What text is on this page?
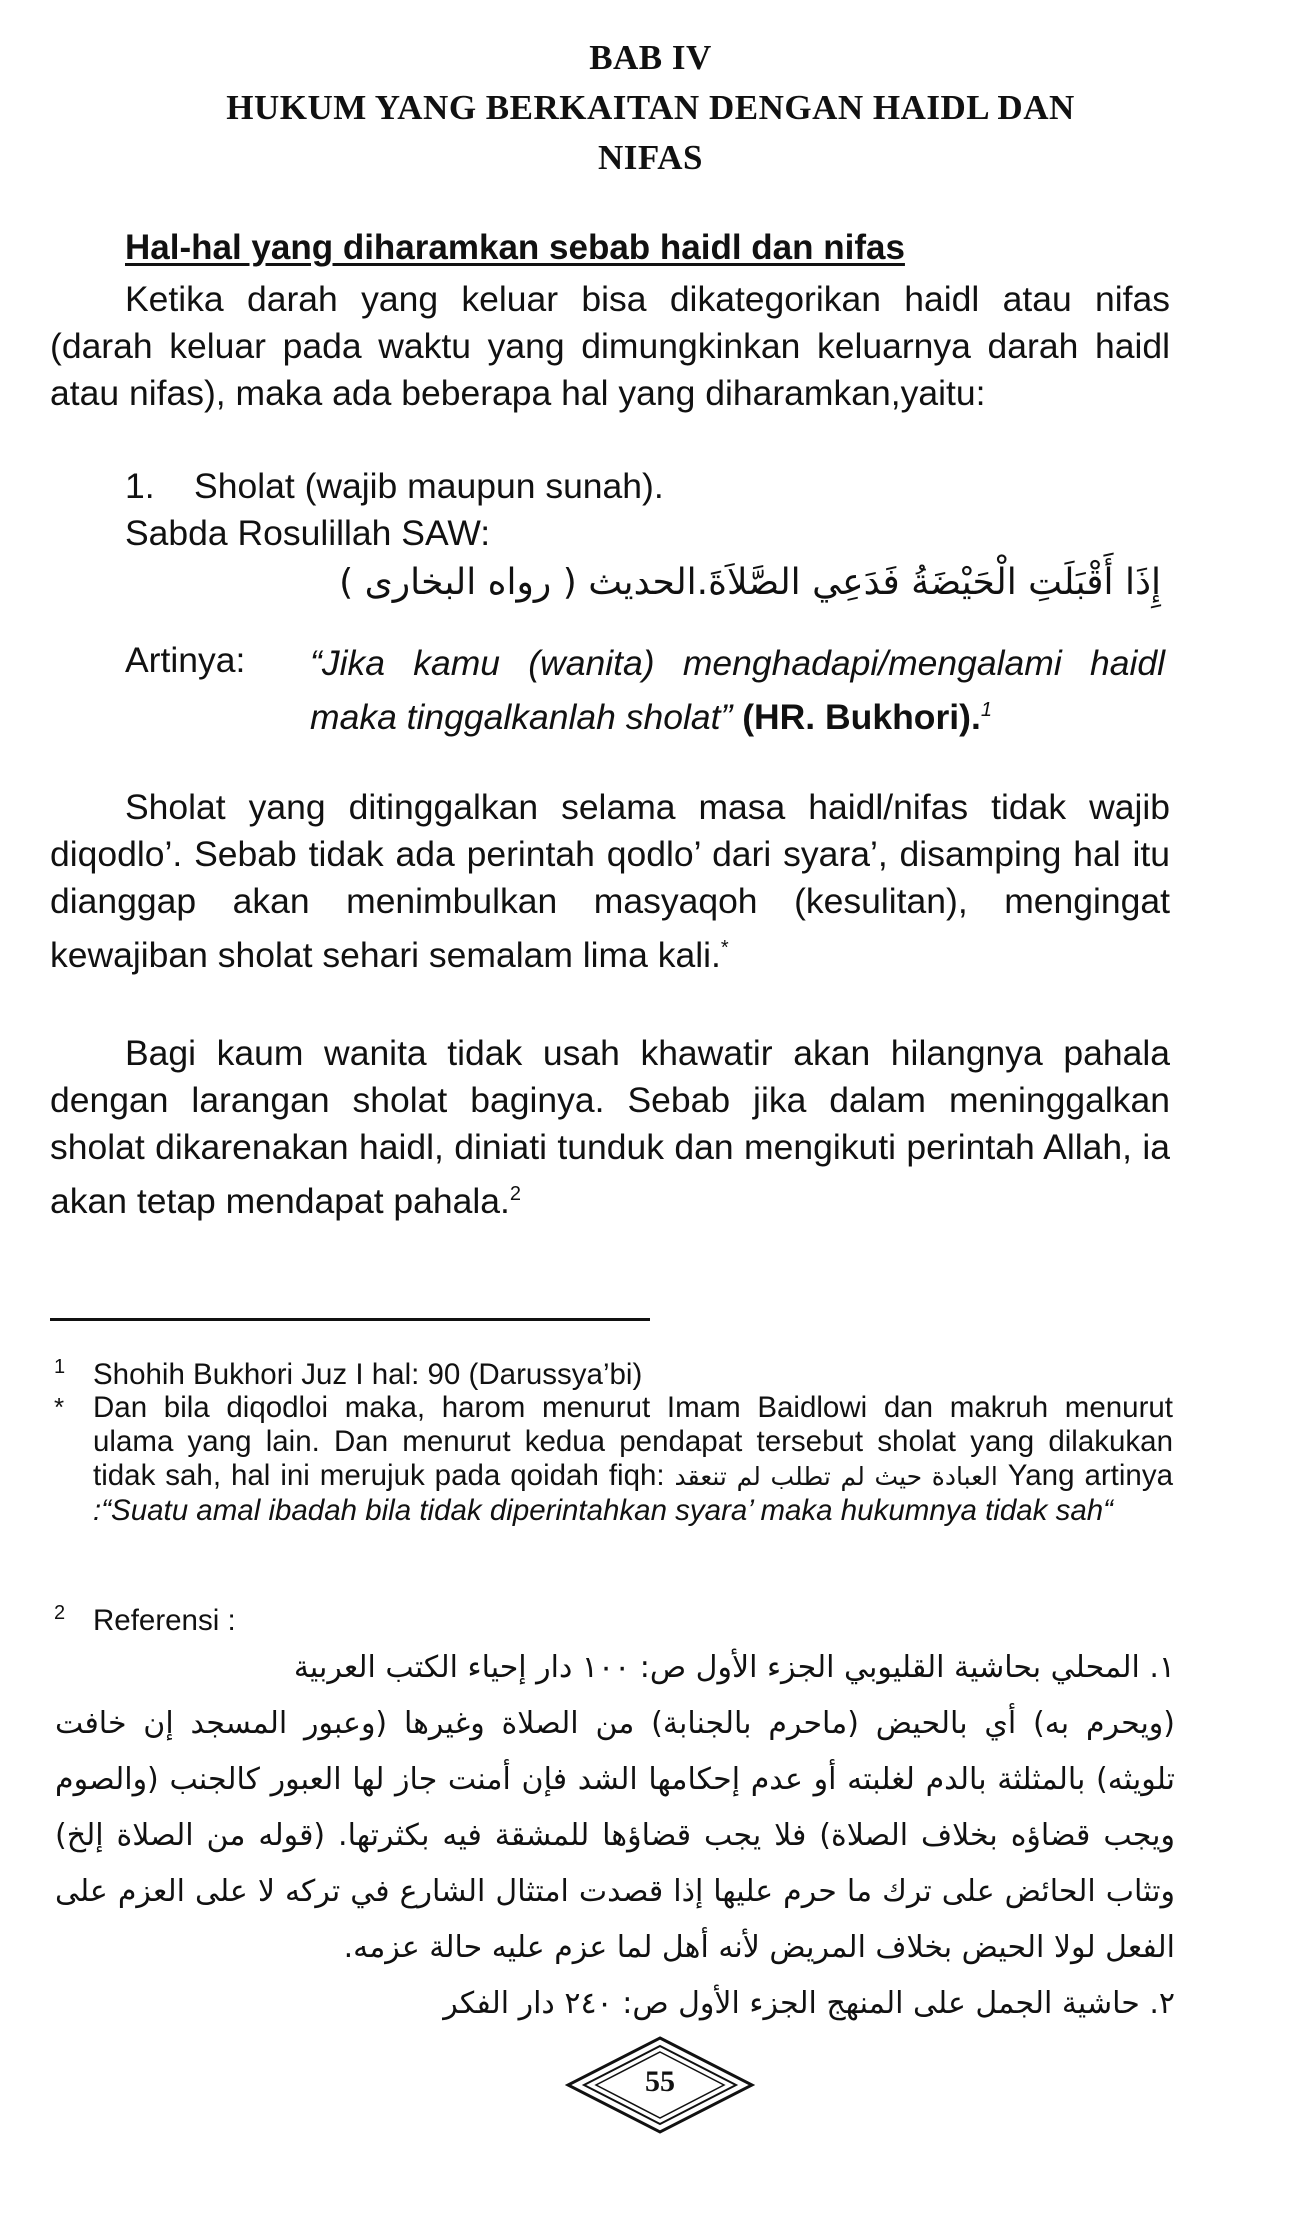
BAB IV
HUKUM YANG BERKAITAN DENGAN HAIDL DAN
NIFAS
Hal-hal yang diharamkan sebab haidl dan nifas
Ketika darah yang keluar bisa dikategorikan haidl atau nifas (darah keluar pada waktu yang dimungkinkan keluarnya darah haidl atau nifas), maka ada beberapa hal yang diharamkan,yaitu:
1.    Sholat (wajib maupun sunah).
Sabda Rosulillah SAW:
إِذَا أَقْبَلَتِ الْحَيْضَةُ فَدَعِي الصَّلاَةَ.الحديث ( رواه البخارى )
Artinya: “Jika kamu (wanita) menghadapi/mengalami haidl maka tinggalkanlah sholat” (HR. Bukhori).$^1$
Sholat yang ditinggalkan selama masa haidl/nifas tidak wajib diqodlo’. Sebab tidak ada perintah qodlo’ dari syara’, disamping hal itu dianggap akan menimbulkan masyaqoh (kesulitan), mengingat kewajiban sholat sehari semalam lima kali.*
Bagi kaum wanita tidak usah khawatir akan hilangnya pahala dengan larangan sholat baginya. Sebab jika dalam meninggalkan sholat dikarenakan haidl, diniati tunduk dan mengikuti perintah Allah, ia akan tetap mendapat pahala.$^2$
1 Shohih Bukhori Juz I hal: 90 (Darussya’bi)
* Dan bila diqodloi maka, harom menurut Imam Baidlowi dan makruh menurut ulama yang lain. Dan menurut kedua pendapat tersebut sholat yang dilakukan tidak sah, hal ini merujuk pada qoidah fiqh: العبادة حيث لم تطلب لم تنعقد Yang artinya :“Suatu amal ibadah bila tidak diperintahkan syara’ maka hukumnya tidak sah“
2 Referensi :
١. المحلي بحاشية القليوبي الجزء الأول ص: ١٠٠ دار إحياء الكتب العربية
(ويحرم به) أي بالحيض (ماحرم بالجنابة) من الصلاة وغيرها (وعبور المسجد إن خافت تلويثه) بالمثلثة بالدم لغلبته أو عدم إحكامها الشد فإن أمنت جاز لها العبور كالجنب (والصوم ويجب قضاؤه بخلاف الصلاة) فلا يجب قضاؤها للمشقة فيه بكثرتها. (قوله من الصلاة إلخ) وتثاب الحائض على ترك ما حرم عليها إذا قصدت امتثال الشارع في تركه لا على العزم على الفعل لولا الحيض بخلاف المريض لأنه أهل لما عزم عليه حالة عزمه.
٢. حاشية الجمل على المنهج الجزء الأول ص: ٢٤٠ دار الفكر
55
